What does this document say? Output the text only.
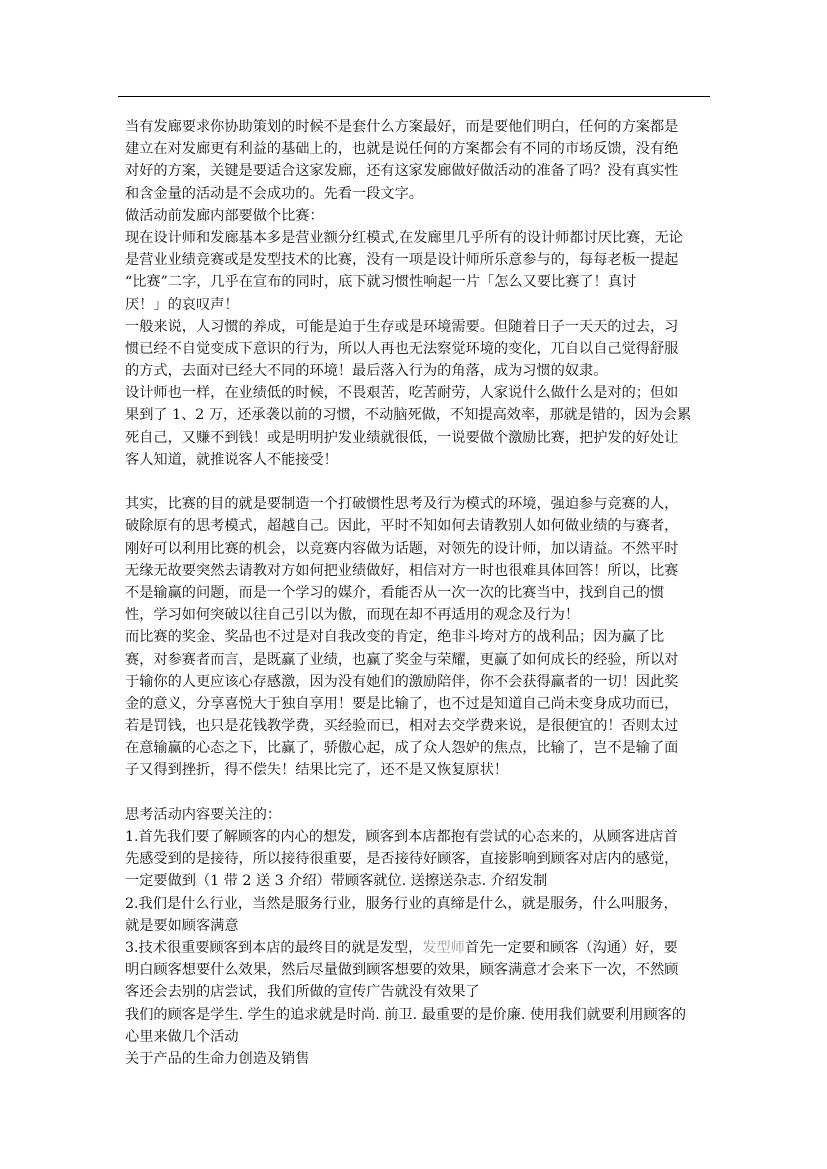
当有发廊要求你协助策划的时候不是套什么方案最好，而是要他们明白，任何的方案都是
建立在对发廊更有利益的基础上的，也就是说任何的方案都会有不同的市场反馈，没有绝
对好的方案，关键是要适合这家发廊，还有这家发廊做好做活动的准备了吗？没有真实性
和含金量的活动是不会成功的。先看一段文字。
做活动前发廊内部要做个比赛：
现在设计师和发廊基本多是营业额分红模式,在发廊里几乎所有的设计师都讨厌比赛，无论
是营业业绩竞赛或是发型技术的比赛，没有一项是设计师所乐意参与的，每每老板一提起
“比赛”二字，几乎在宣布的同时，底下就习惯性响起一片「怎么又要比赛了！真讨
厌！」的哀叹声！
一般来说，人习惯的养成，可能是迫于生存或是环境需要。但随着日子一天天的过去，习
惯已经不自觉变成下意识的行为，所以人再也无法察觉环境的变化，兀自以自己觉得舒服
的方式，去面对已经大不同的环境！最后落入行为的角落，成为习惯的奴隶。
设计师也一样，在业绩低的时候，不畏艰苦，吃苦耐劳，人家说什么做什么是对的；但如
果到了 1、2 万，还承袭以前的习惯，不动脑死做，不知提高效率，那就是错的，因为会累
死自己，又赚不到钱！或是明明护发业绩就很低，一说要做个激励比赛，把护发的好处让
客人知道，就推说客人不能接受！
其实，比赛的目的就是要制造一个打破惯性思考及行为模式的环境，强迫参与竞赛的人，
破除原有的思考模式，超越自己。因此，平时不知如何去请教别人如何做业绩的与赛者，
刚好可以利用比赛的机会，以竞赛内容做为话题，对领先的设计师，加以请益。不然平时
无缘无故要突然去请教对方如何把业绩做好，相信对方一时也很难具体回答！所以，比赛
不是输赢的问题，而是一个学习的媒介，看能否从一次一次的比赛当中，找到自己的惯
性，学习如何突破以往自己引以为傲，而现在却不再适用的观念及行为！
而比赛的奖金、奖品也不过是对自我改变的肯定，绝非斗垮对方的战利品；因为赢了比
赛，对参赛者而言，是既赢了业绩，也赢了奖金与荣耀，更赢了如何成长的经验，所以对
于输你的人更应该心存感激，因为没有她们的激励陪伴，你不会获得赢者的一切！因此奖
金的意义，分享喜悦大于独自享用！要是比输了，也不过是知道自己尚未变身成功而已，
若是罚钱，也只是花钱教学费，买经验而已，相对去交学费来说，是很便宜的！否则太过
在意输赢的心态之下，比赢了，骄傲心起，成了众人怨妒的焦点，比输了，岂不是输了面
子又得到挫折，得不偿失！结果比完了，还不是又恢复原状！
思考活动内容要关注的：
1.首先我们要了解顾客的内心的想发，顾客到本店都抱有尝试的心态来的，从顾客进店首
先感受到的是接待，所以接待很重要，是否接待好顾客，直接影响到顾客对店内的感觉，
一定要做到（1 带 2 送 3 介绍）带顾客就位. 送擦送杂志. 介绍发制
2.我们是什么行业，当然是服务行业，服务行业的真缔是什么，就是服务，什么叫服务，
就是要如顾客满意
3.技术很重要顾客到本店的最终目的就是发型，发型师首先一定要和顾客（沟通）好，要
明白顾客想要什么效果，然后尽量做到顾客想要的效果，顾客满意才会来下一次，不然顾
客还会去别的店尝试，我们所做的宣传广告就没有效果了
我们的顾客是学生. 学生的追求就是时尚. 前卫. 最重要的是价廉. 使用我们就要利用顾客的
心里来做几个活动
关于产品的生命力创造及销售
